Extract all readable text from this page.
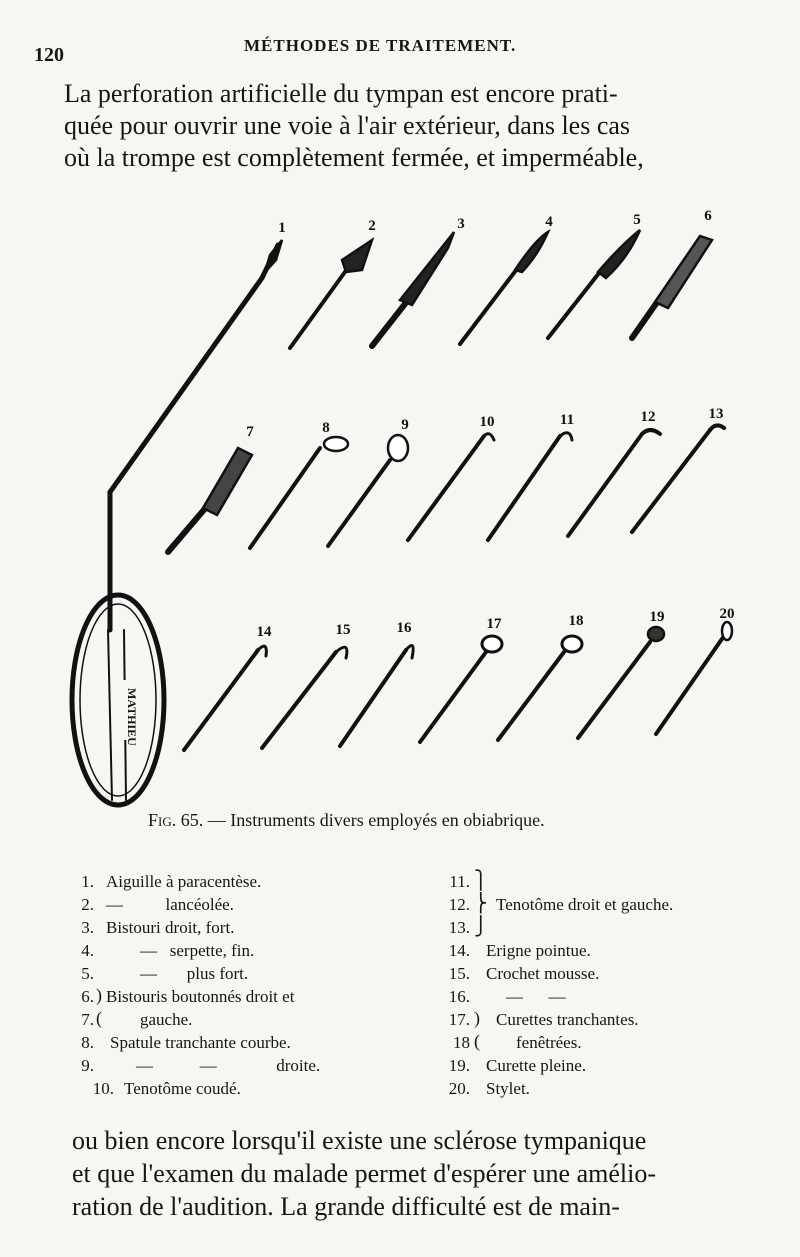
120	MÉTHODES DE TRAITEMENT.
La perforation artificielle du tympan est encore prati-
quée pour ouvrir une voie à l'air extérieur, dans les cas
où la trompe est complètement fermée, et imperméable,
1	2	3	4	5	6
7	8	9	10	11	12	13
14	15	16	17	18	19	20
MATHIEU
Fig. 65. — Instruments divers employés en obiabrique.
1. Aiguille à paracentèse.
2. —          lancéolée.
3. Bistouri droit, fort.
4.	—   serpette, fin.
5.	—       plus fort.
6. ) Bistouris boutonnés droit et
7. ( gauche.
8. Spatule tranchante courbe.
9. —           —              droite.
10. Tenotôme coudé.
11. ⎫
12. ⎬ Tenotôme droit et gauche.
13. ⎭
14. Erigne pointue.
15. Crochet mousse.
16. —      —
17. ) Curettes tranchantes.
18 ( fenêtrées.
19. Curette pleine.
20. Stylet.
ou bien encore lorsqu'il existe une sclérose tympanique
et que l'examen du malade permet d'espérer une amélio-
ration de l'audition. La grande difficulté est de main-
